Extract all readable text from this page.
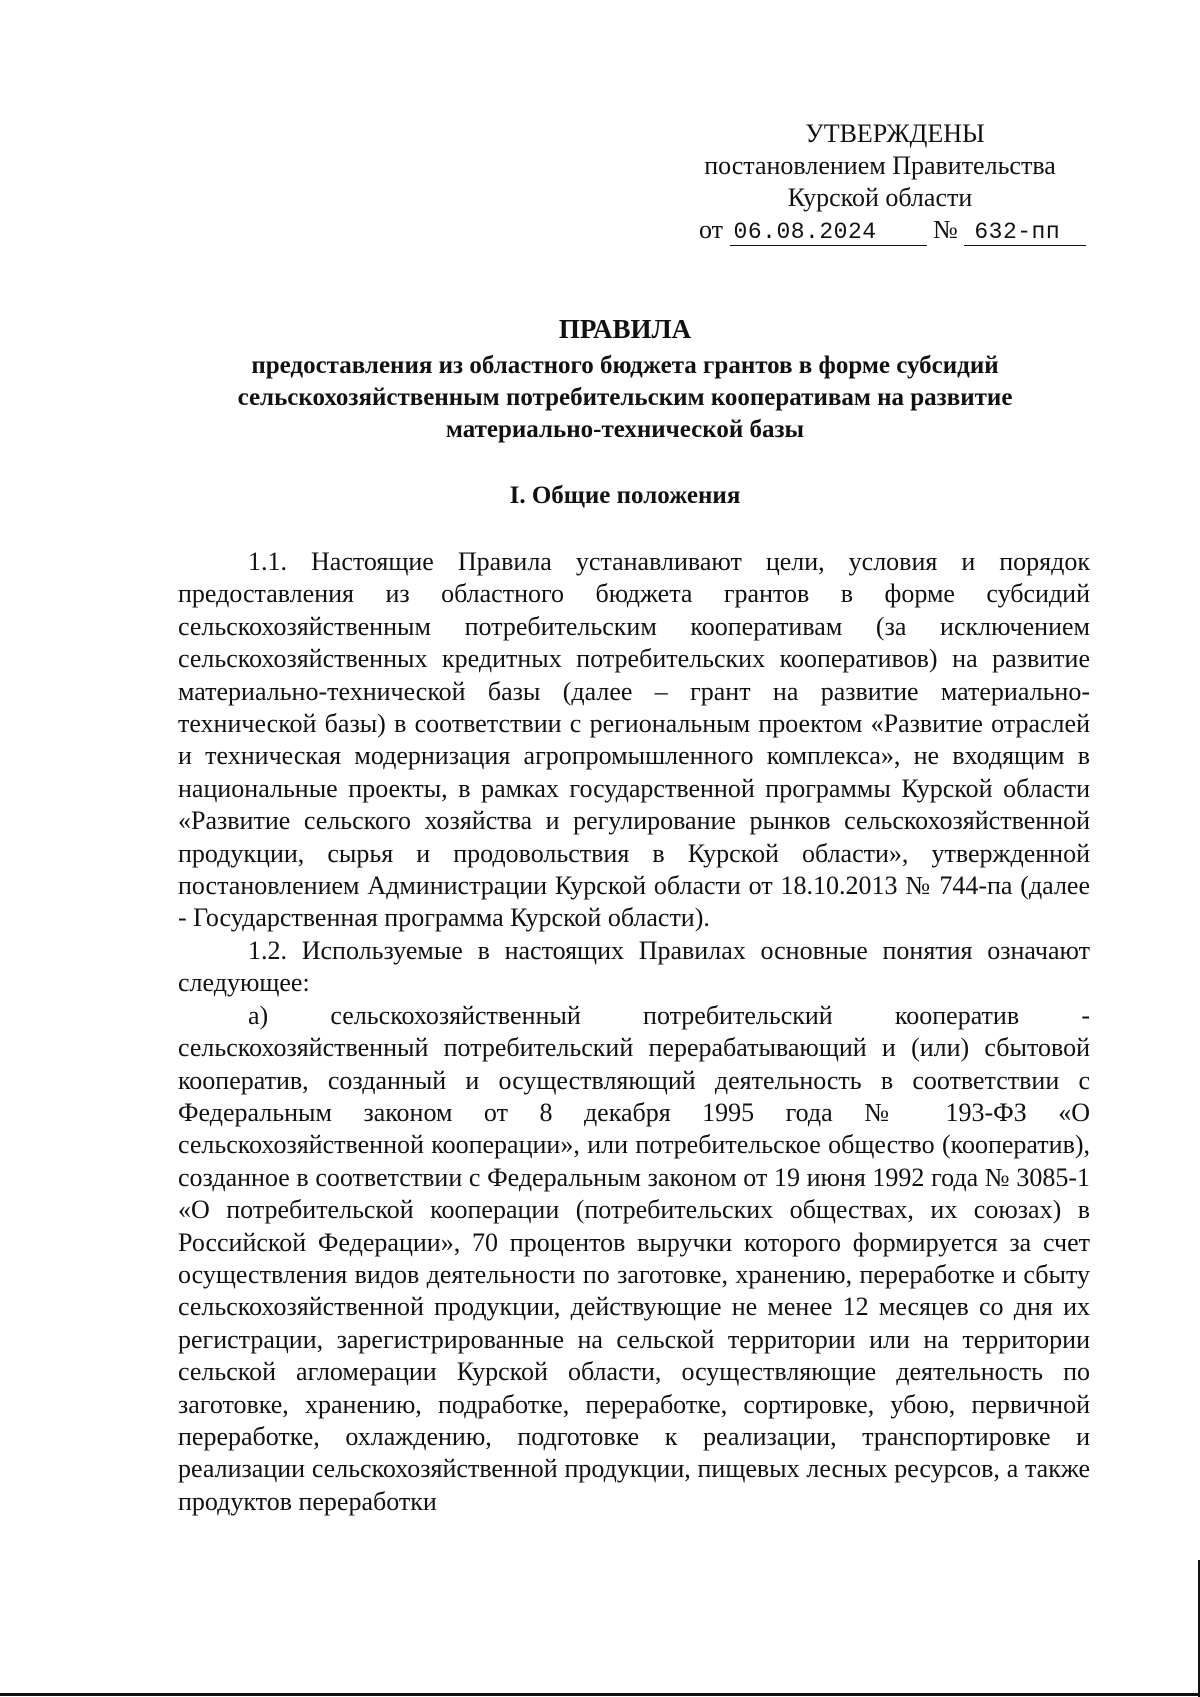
УТВЕРЖДЕНЫ
постановлением Правительства
Курской области
от 06.08.2024 № 632-пп

ПРАВИЛА

предоставления из областного бюджета грантов в форме субсидий сельскохозяйственным потребительским кооперативам на развитие материально-технической базы

I. Общие положения

1.1. Настоящие Правила устанавливают цели, условия и порядок предоставления из областного бюджета грантов в форме субсидий сельскохозяйственным потребительским кооперативам (за исключением сельскохозяйственных кредитных потребительских кооперативов) на развитие материально-технической базы (далее – грант на развитие материально-технической базы) в соответствии с региональным проектом «Развитие отраслей и техническая модернизация агропромышленного комплекса», не входящим в национальные проекты, в рамках государственной программы Курской области «Развитие сельского хозяйства и регулирование рынков сельскохозяйственной продукции, сырья и продовольствия в Курской области», утвержденной постановлением Администрации Курской области от 18.10.2013 № 744-па (далее - Государственная программа Курской области).

1.2. Используемые в настоящих Правилах основные понятия означают следующее:

а) сельскохозяйственный потребительский кооператив - сельскохозяйственный потребительский перерабатывающий и (или) сбытовой кооператив, созданный и осуществляющий деятельность в соответствии с Федеральным законом от 8 декабря 1995 года № 193-ФЗ «О сельскохозяйственной кооперации», или потребительское общество (кооператив), созданное в соответствии с Федеральным законом от 19 июня 1992 года № 3085-1 «О потребительской кооперации (потребительских обществах, их союзах) в Российской Федерации», 70 процентов выручки которого формируется за счет осуществления видов деятельности по заготовке, хранению, переработке и сбыту сельскохозяйственной продукции, действующие не менее 12 месяцев со дня их регистрации, зарегистрированные на сельской территории или на территории сельской агломерации Курской области, осуществляющие деятельность по заготовке, хранению, подработке, переработке, сортировке, убою, первичной переработке, охлаждению, подготовке к реализации, транспортировке и реализации сельскохозяйственной продукции, пищевых лесных ресурсов, а также продуктов переработки
